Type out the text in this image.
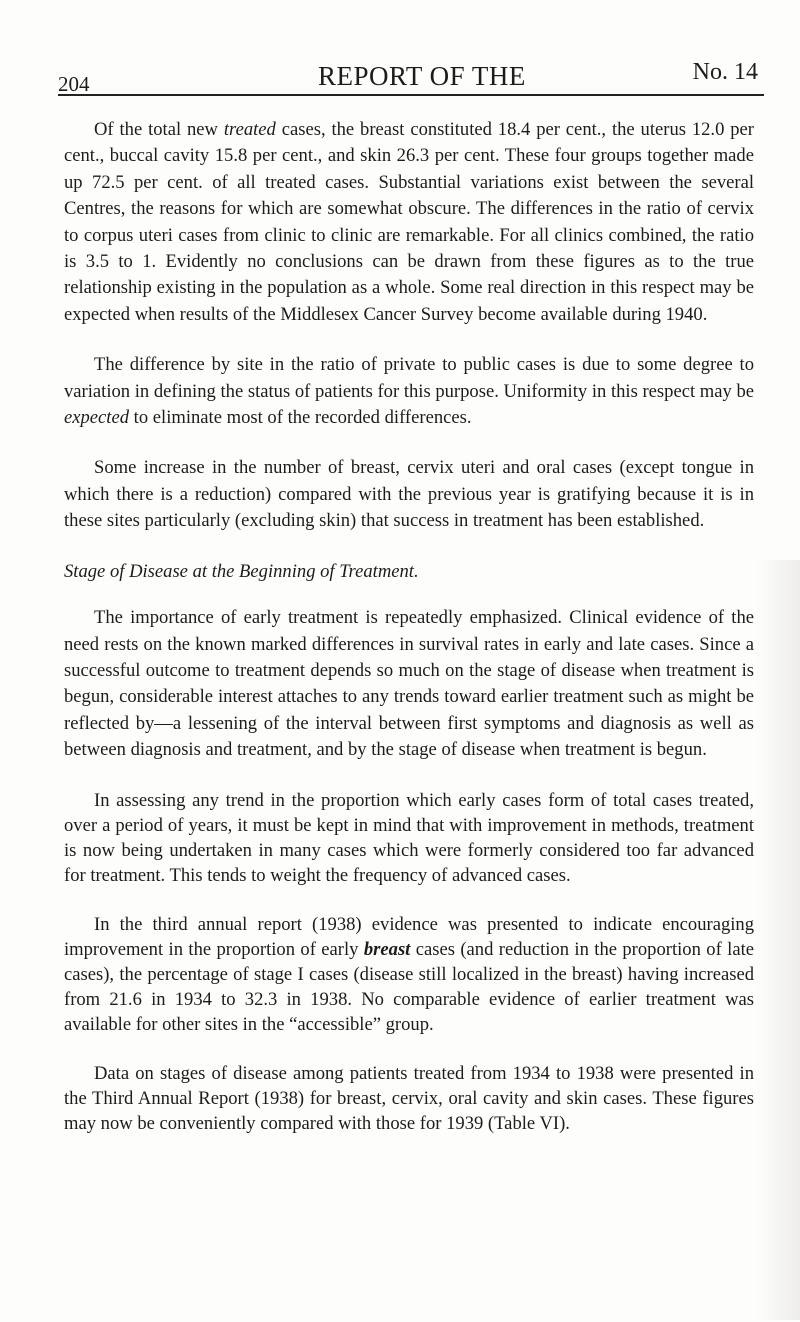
204	REPORT OF THE	No. 14

Of the total new treated cases, the breast constituted 18.4 per cent., the uterus 12.0 per cent., buccal cavity 15.8 per cent., and skin 26.3 per cent. These four groups together made up 72.5 per cent. of all treated cases. Substantial variations exist between the several Centres, the reasons for which are somewhat obscure. The differences in the ratio of cervix to corpus uteri cases from clinic to clinic are remarkable. For all clinics combined, the ratio is 3.5 to 1. Evidently no conclusions can be drawn from these figures as to the true relationship existing in the population as a whole. Some real direction in this respect may be expected when results of the Middlesex Cancer Survey become available during 1940.

The difference by site in the ratio of private to public cases is due to some degree to variation in defining the status of patients for this purpose. Uniformity in this respect may be expected to eliminate most of the recorded differences.

Some increase in the number of breast, cervix uteri and oral cases (except tongue in which there is a reduction) compared with the previous year is gratifying because it is in these sites particularly (excluding skin) that success in treatment has been established.

Stage of Disease at the Beginning of Treatment.

The importance of early treatment is repeatedly emphasized. Clinical evidence of the need rests on the known marked differences in survival rates in early and late cases. Since a successful outcome to treatment depends so much on the stage of disease when treatment is begun, considerable interest attaches to any trends toward earlier treatment such as might be reflected by—a lessening of the interval between first symptoms and diagnosis as well as between diagnosis and treatment, and by the stage of disease when treatment is begun.

In assessing any trend in the proportion which early cases form of total cases treated, over a period of years, it must be kept in mind that with improvement in methods, treatment is now being undertaken in many cases which were formerly considered too far advanced for treatment. This tends to weight the frequency of advanced cases.

In the third annual report (1938) evidence was presented to indicate encouraging improvement in the proportion of early breast cases (and reduction in the proportion of late cases), the percentage of stage I cases (disease still localized in the breast) having increased from 21.6 in 1934 to 32.3 in 1938. No comparable evidence of earlier treatment was available for other sites in the “accessible” group.

Data on stages of disease among patients treated from 1934 to 1938 were presented in the Third Annual Report (1938) for breast, cervix, oral cavity and skin cases. These figures may now be conveniently compared with those for 1939 (Table VI).
